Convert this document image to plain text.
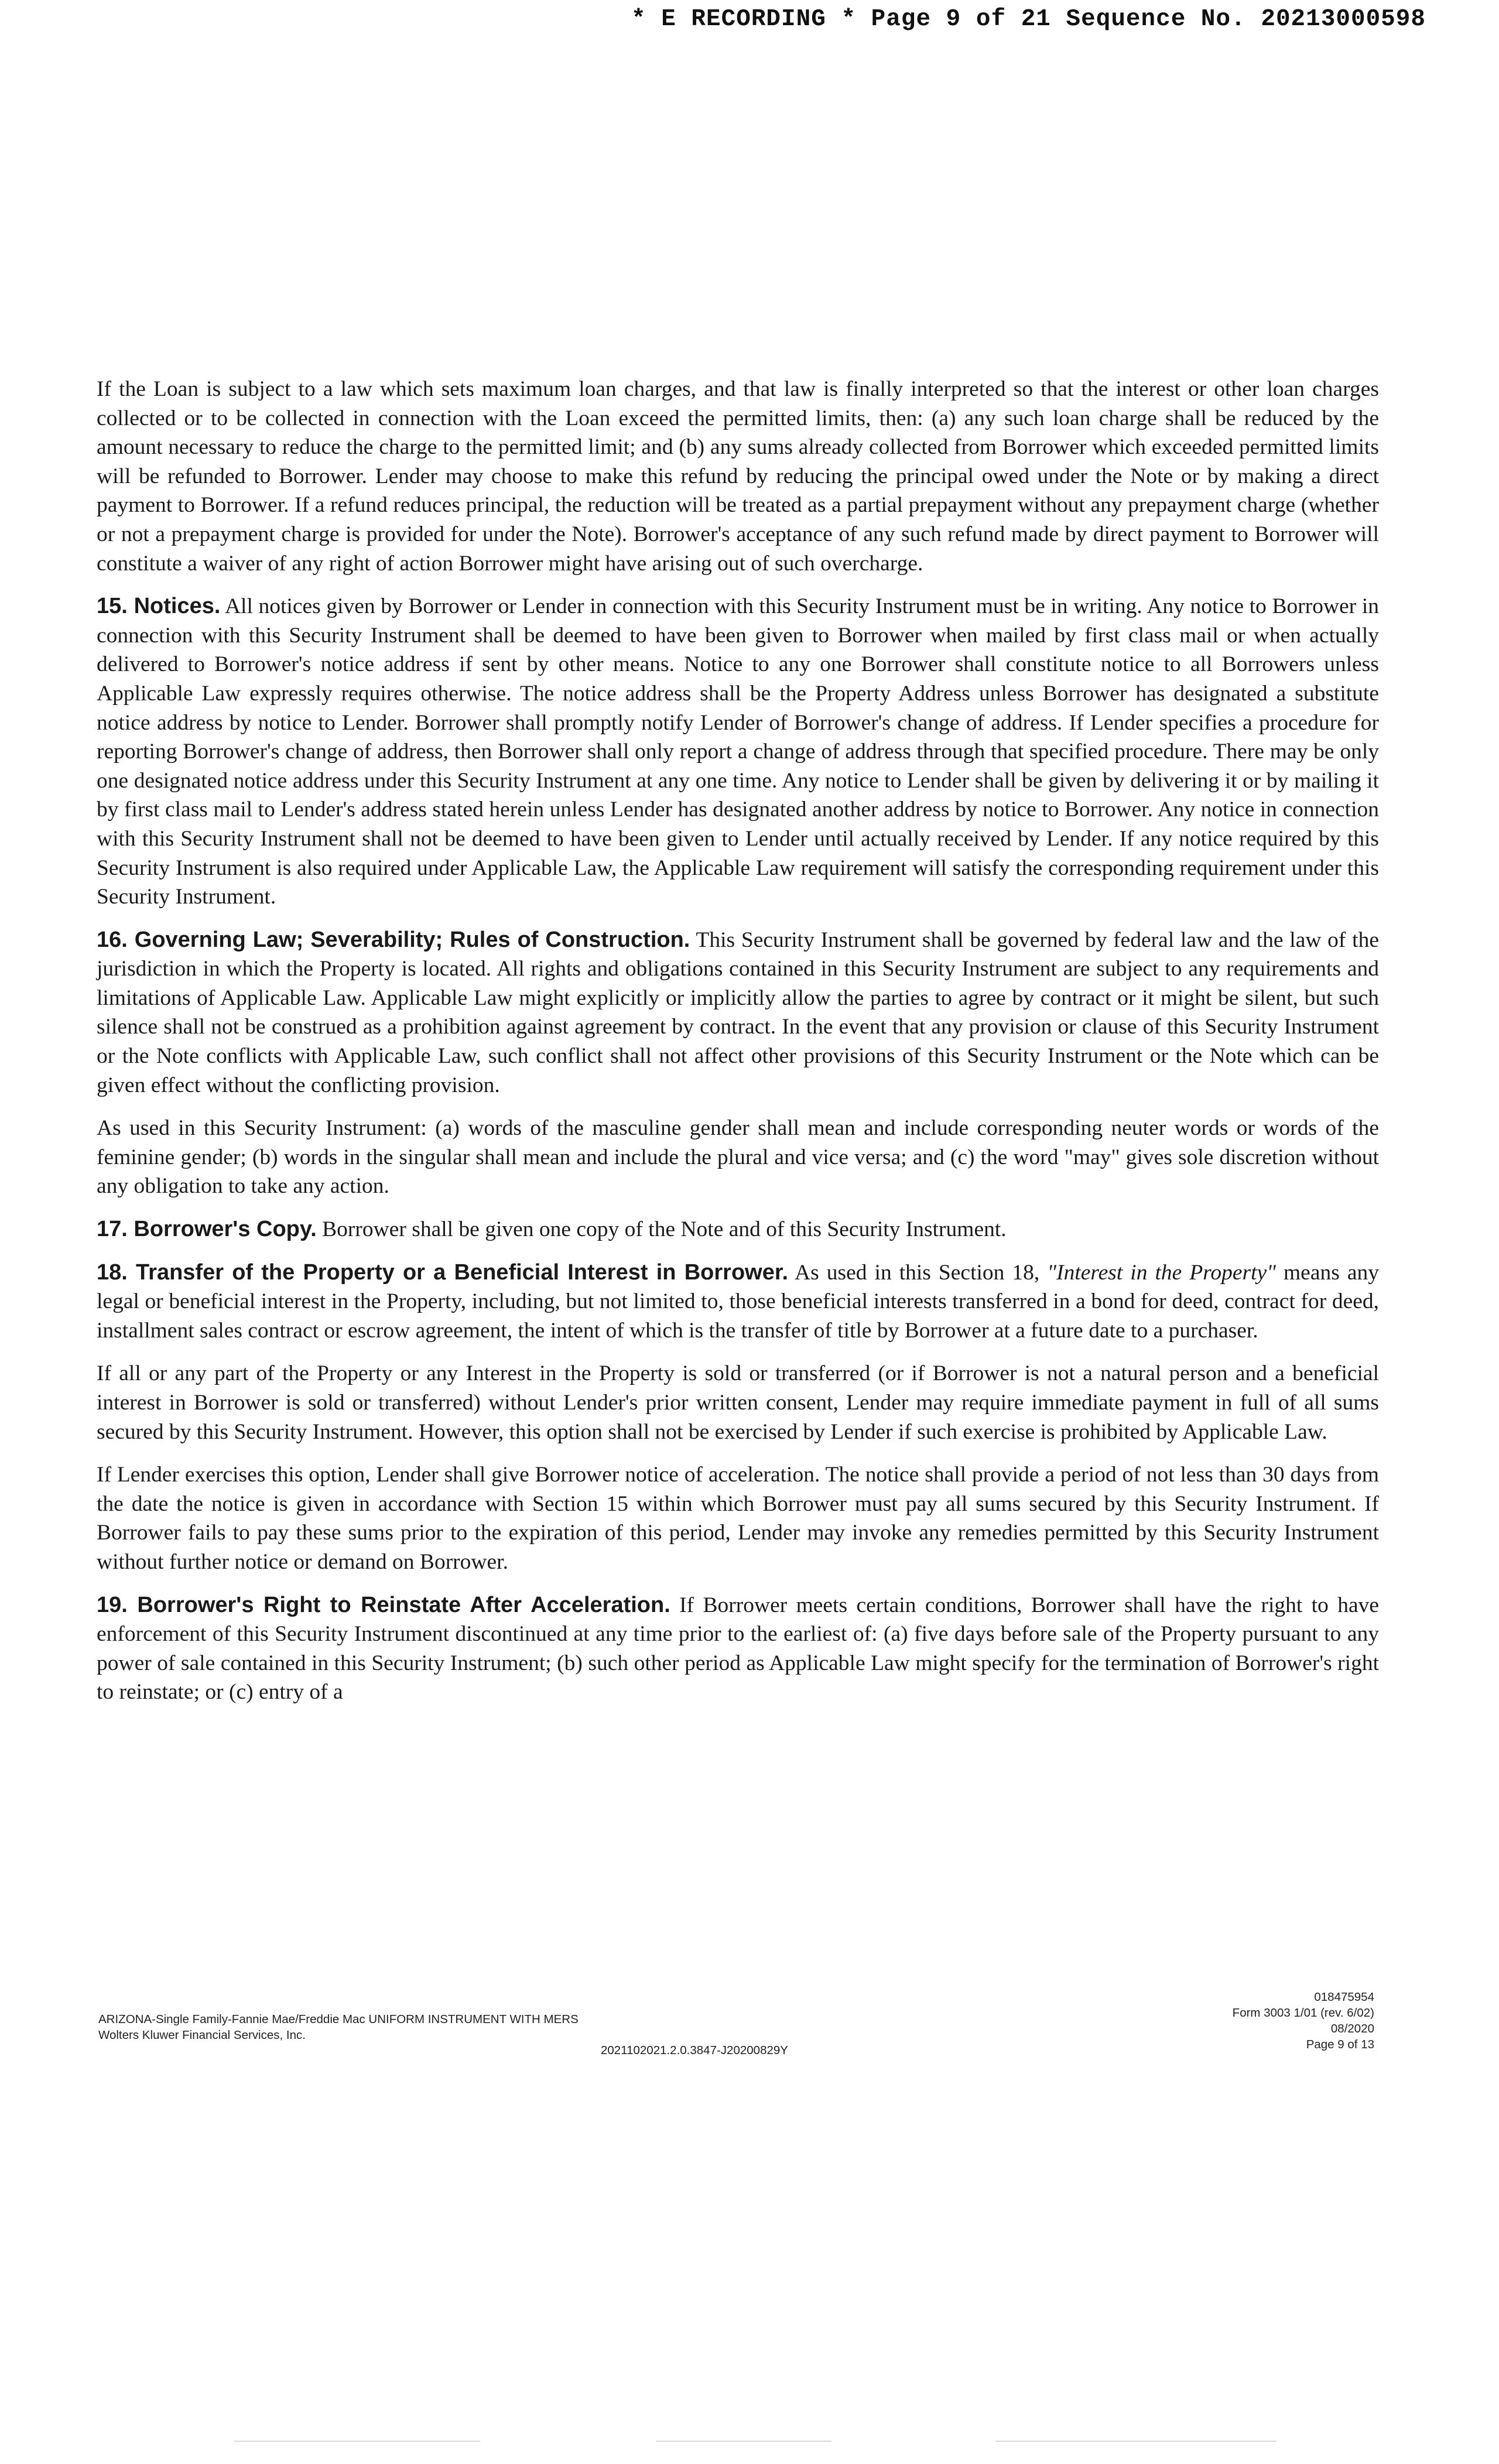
* E RECORDING * Page 9 of 21 Sequence No. 20213000598

If the Loan is subject to a law which sets maximum loan charges, and that law is finally interpreted so that the interest or other loan charges collected or to be collected in connection with the Loan exceed the permitted limits, then: (a) any such loan charge shall be reduced by the amount necessary to reduce the charge to the permitted limit; and (b) any sums already collected from Borrower which exceeded permitted limits will be refunded to Borrower. Lender may choose to make this refund by reducing the principal owed under the Note or by making a direct payment to Borrower. If a refund reduces principal, the reduction will be treated as a partial prepayment without any prepayment charge (whether or not a prepayment charge is provided for under the Note). Borrower's acceptance of any such refund made by direct payment to Borrower will constitute a waiver of any right of action Borrower might have arising out of such overcharge.

15. Notices. All notices given by Borrower or Lender in connection with this Security Instrument must be in writing. Any notice to Borrower in connection with this Security Instrument shall be deemed to have been given to Borrower when mailed by first class mail or when actually delivered to Borrower's notice address if sent by other means. Notice to any one Borrower shall constitute notice to all Borrowers unless Applicable Law expressly requires otherwise. The notice address shall be the Property Address unless Borrower has designated a substitute notice address by notice to Lender. Borrower shall promptly notify Lender of Borrower's change of address. If Lender specifies a procedure for reporting Borrower's change of address, then Borrower shall only report a change of address through that specified procedure. There may be only one designated notice address under this Security Instrument at any one time. Any notice to Lender shall be given by delivering it or by mailing it by first class mail to Lender's address stated herein unless Lender has designated another address by notice to Borrower. Any notice in connection with this Security Instrument shall not be deemed to have been given to Lender until actually received by Lender. If any notice required by this Security Instrument is also required under Applicable Law, the Applicable Law requirement will satisfy the corresponding requirement under this Security Instrument.

16. Governing Law; Severability; Rules of Construction. This Security Instrument shall be governed by federal law and the law of the jurisdiction in which the Property is located. All rights and obligations contained in this Security Instrument are subject to any requirements and limitations of Applicable Law. Applicable Law might explicitly or implicitly allow the parties to agree by contract or it might be silent, but such silence shall not be construed as a prohibition against agreement by contract. In the event that any provision or clause of this Security Instrument or the Note conflicts with Applicable Law, such conflict shall not affect other provisions of this Security Instrument or the Note which can be given effect without the conflicting provision.

As used in this Security Instrument: (a) words of the masculine gender shall mean and include corresponding neuter words or words of the feminine gender; (b) words in the singular shall mean and include the plural and vice versa; and (c) the word "may" gives sole discretion without any obligation to take any action.

17. Borrower's Copy. Borrower shall be given one copy of the Note and of this Security Instrument.

18. Transfer of the Property or a Beneficial Interest in Borrower. As used in this Section 18, "Interest in the Property" means any legal or beneficial interest in the Property, including, but not limited to, those beneficial interests transferred in a bond for deed, contract for deed, installment sales contract or escrow agreement, the intent of which is the transfer of title by Borrower at a future date to a purchaser.

If all or any part of the Property or any Interest in the Property is sold or transferred (or if Borrower is not a natural person and a beneficial interest in Borrower is sold or transferred) without Lender's prior written consent, Lender may require immediate payment in full of all sums secured by this Security Instrument. However, this option shall not be exercised by Lender if such exercise is prohibited by Applicable Law.

If Lender exercises this option, Lender shall give Borrower notice of acceleration. The notice shall provide a period of not less than 30 days from the date the notice is given in accordance with Section 15 within which Borrower must pay all sums secured by this Security Instrument. If Borrower fails to pay these sums prior to the expiration of this period, Lender may invoke any remedies permitted by this Security Instrument without further notice or demand on Borrower.

19. Borrower's Right to Reinstate After Acceleration. If Borrower meets certain conditions, Borrower shall have the right to have enforcement of this Security Instrument discontinued at any time prior to the earliest of: (a) five days before sale of the Property pursuant to any power of sale contained in this Security Instrument; (b) such other period as Applicable Law might specify for the termination of Borrower's right to reinstate; or (c) entry of a

ARIZONA-Single Family-Fannie Mae/Freddie Mac UNIFORM INSTRUMENT WITH MERS
Wolters Kluwer Financial Services, Inc.
2021102021.2.0.3847-J20200829Y
018475954
Form 3003 1/01 (rev. 6/02)
08/2020
Page 9 of 13
